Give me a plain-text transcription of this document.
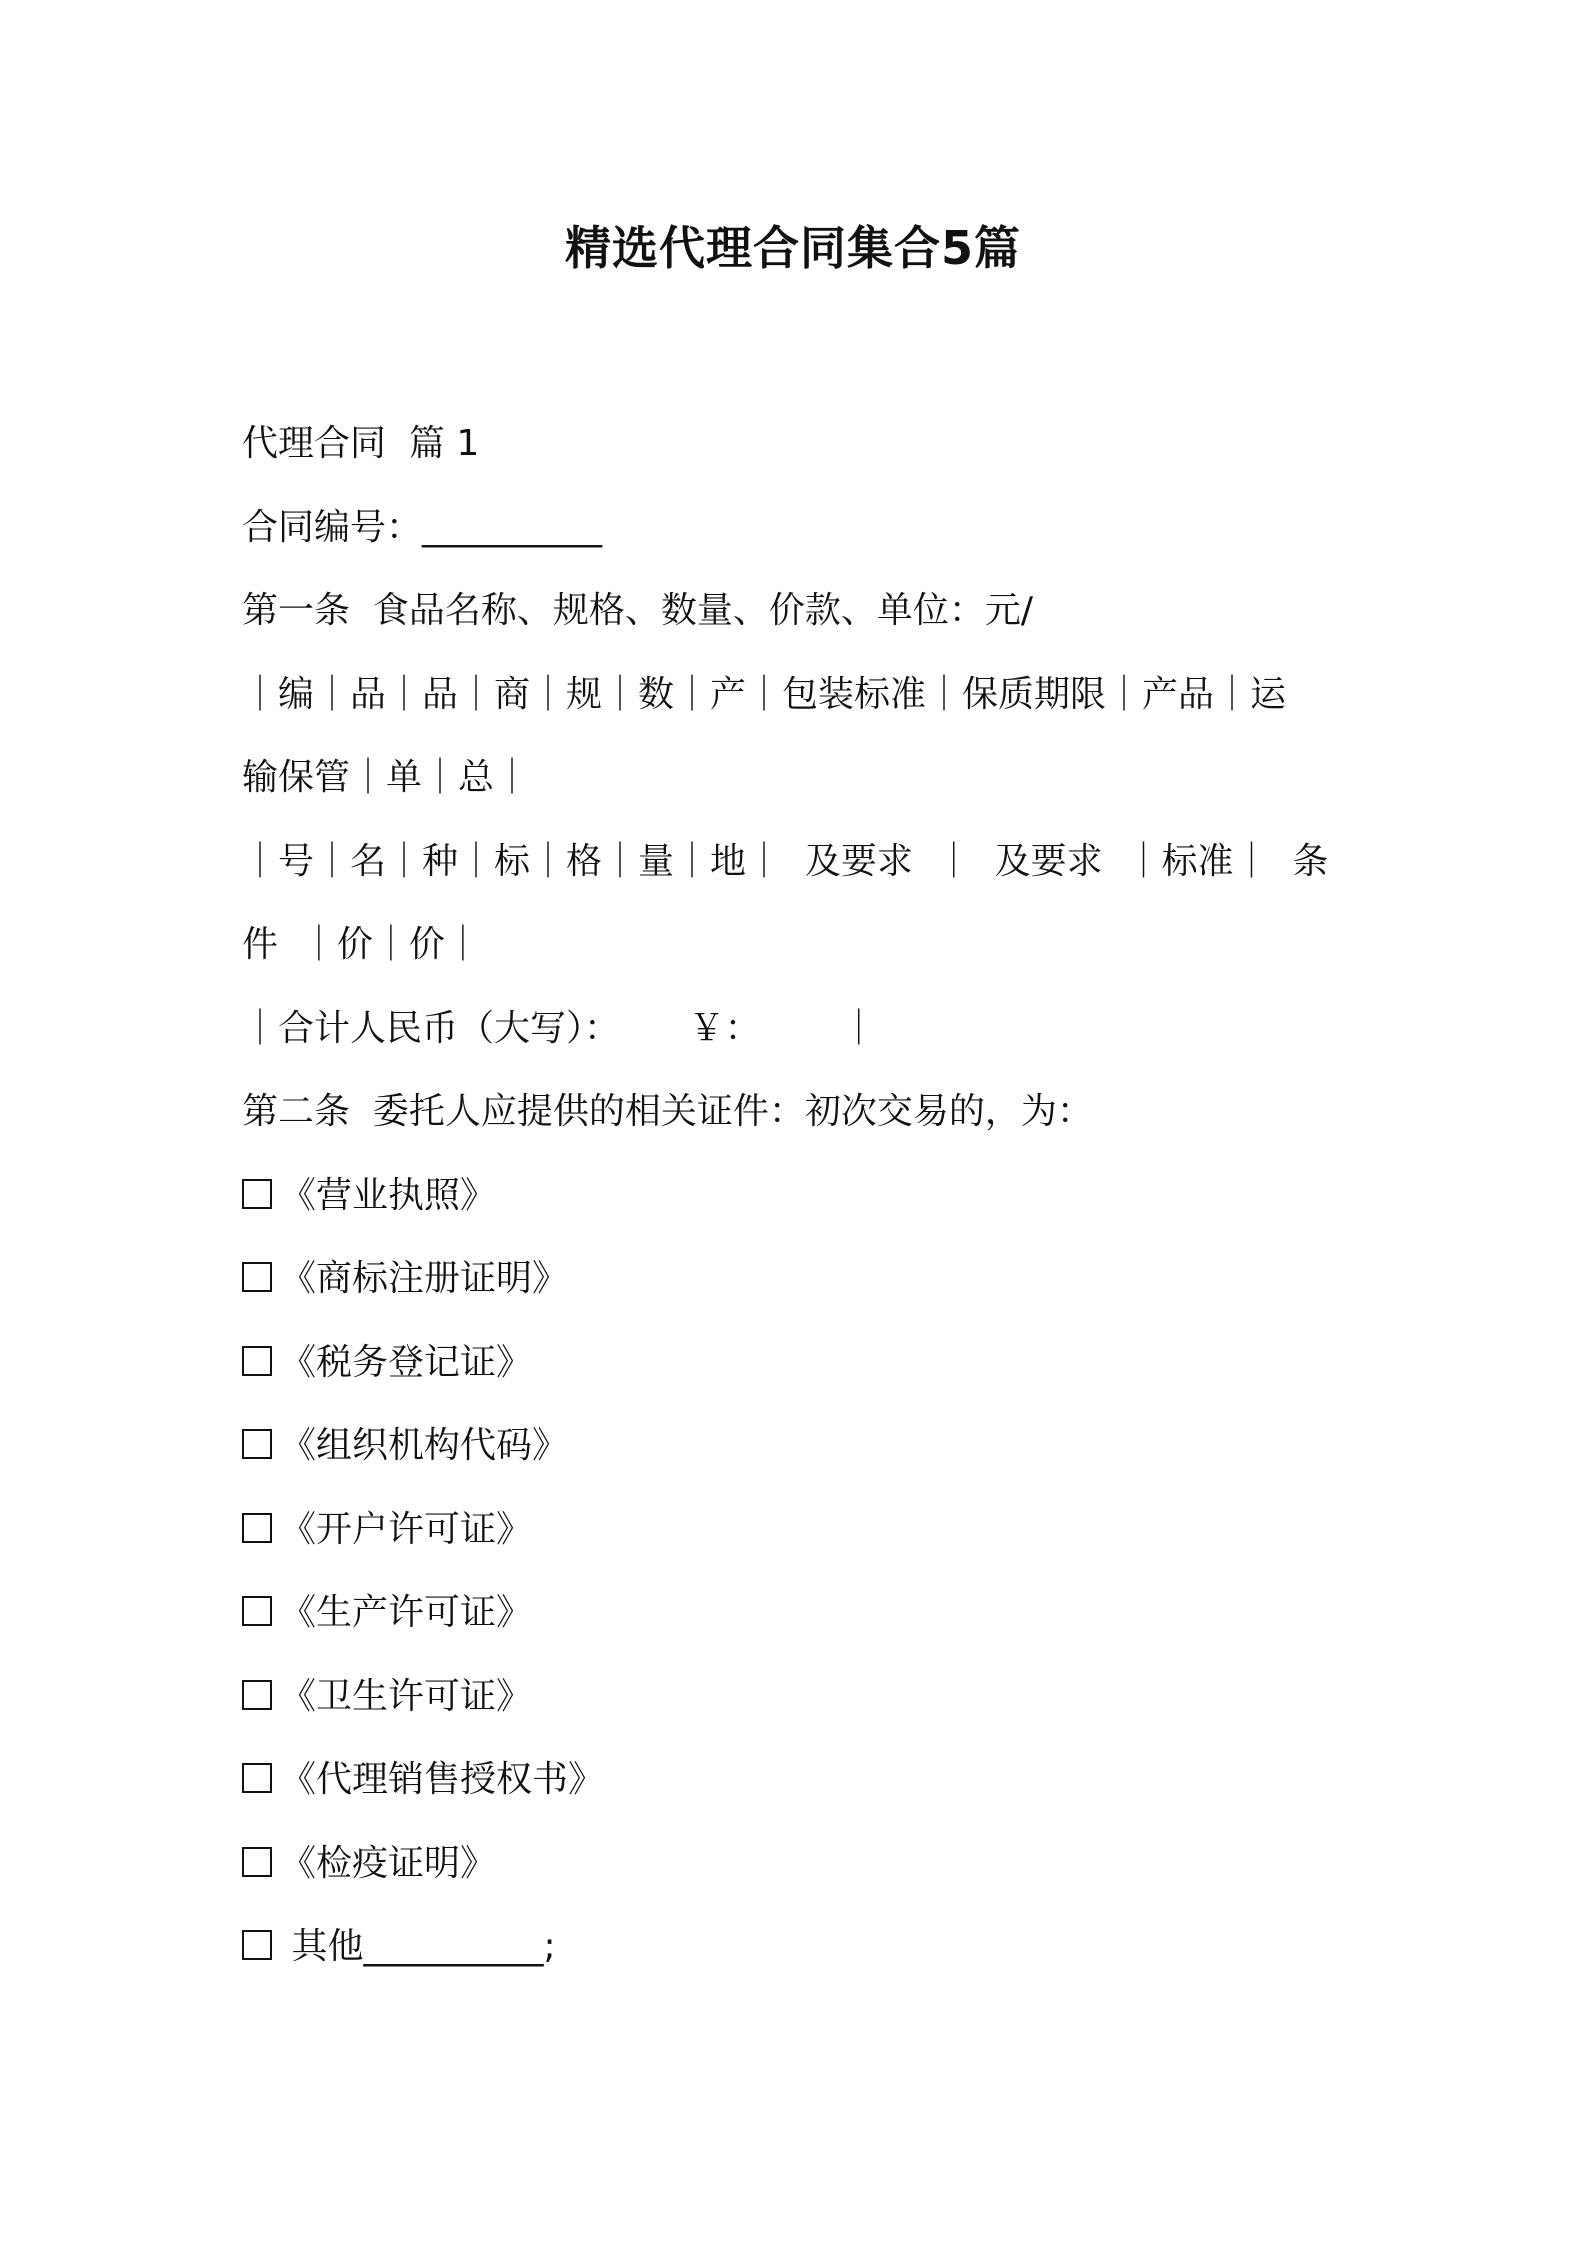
精选代理合同集合5篇
代理合同  篇 1
合同编号：__________
第一条  食品名称、规格、数量、价款、单位：元/
｜编｜品｜品｜商｜规｜数｜产｜包装标准｜保质期限｜产品｜运
输保管｜单｜总｜
｜号｜名｜种｜标｜格｜量｜地｜  及要求  ｜  及要求  ｜标准｜  条
件  ｜价｜价｜
｜合计人民币（大写）：      ￥：       ｜
第二条  委托人应提供的相关证件：初次交易的，为：
《营业执照》
《商标注册证明》
《税务登记证》
《组织机构代码》
《开户许可证》
《生产许可证》
《卫生许可证》
《代理销售授权书》
《检疫证明》
其他__________;
